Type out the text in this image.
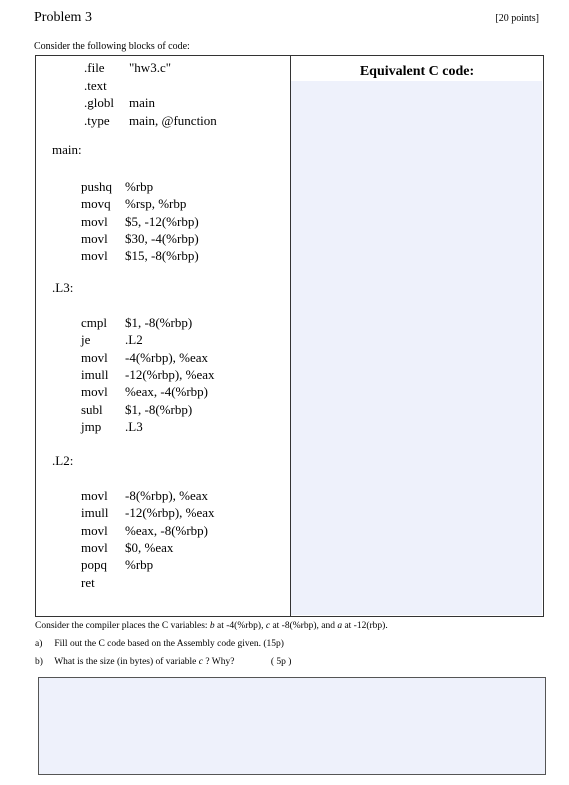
Problem 3	[20 points]
Consider the following blocks of code:
Equivalent C code:
.file "hw3.c"
.text
.globl main
.type main, @function
main:
pushq %rbp
movq %rsp, %rbp
movl $5, -12(%rbp)
movl $30, -4(%rbp)
movl $15, -8(%rbp)
.L3:
cmpl $1, -8(%rbp)
je	.L2
movl -4(%rbp), %eax
imull -12(%rbp), %eax
movl %eax, -4(%rbp)
subl $1, -8(%rbp)
jmp .L3
.L2:
movl -8(%rbp), %eax
imull -12(%rbp), %eax
movl %eax, -8(%rbp)
movl $0, %eax
popq %rbp
ret
Consider the compiler places the C variables: b at -4(%rbp), c at -8(%rbp), and a at -12(rbp).
a) Fill out the C code based on the Assembly code given. (15p)
b) What is the size (in bytes) of variable c ? Why?	( 5p )
